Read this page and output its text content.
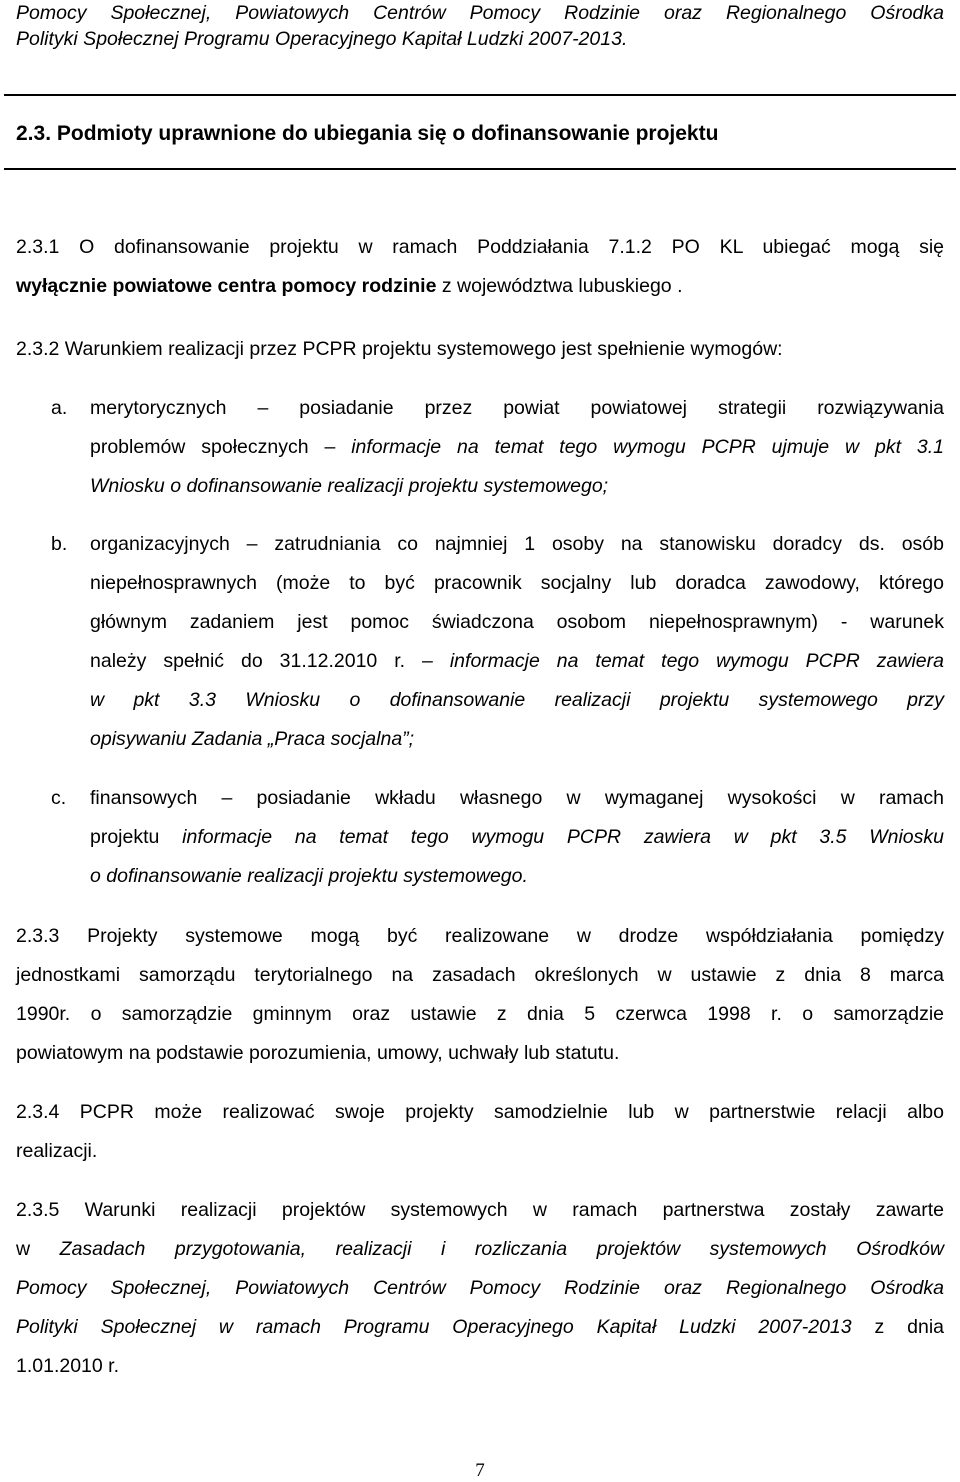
Pomocy Społecznej, Powiatowych Centrów Pomocy Rodzinie oraz Regionalnego Ośrodka
Polityki Społecznej Programu Operacyjnego Kapitał Ludzki 2007-2013.
2.3. Podmioty uprawnione do ubiegania się o dofinansowanie projektu
2.3.1 O dofinansowanie projektu w ramach Poddziałania 7.1.2 PO KL ubiegać mogą się
wyłącznie powiatowe centra pomocy rodzinie z województwa lubuskiego .
2.3.2 Warunkiem realizacji przez PCPR projektu systemowego jest spełnienie wymogów:
a. merytorycznych – posiadanie przez powiat powiatowej strategii rozwiązywania
problemów społecznych – informacje na temat tego wymogu PCPR ujmuje w pkt 3.1
Wniosku o dofinansowanie realizacji projektu systemowego;
b. organizacyjnych – zatrudniania co najmniej 1 osoby na stanowisku doradcy ds. osób
niepełnosprawnych (może to być pracownik socjalny lub doradca zawodowy, którego
głównym zadaniem jest pomoc świadczona osobom niepełnosprawnym) - warunek
należy spełnić do 31.12.2010 r. – informacje na temat tego wymogu PCPR zawiera
w pkt 3.3 Wniosku o dofinansowanie realizacji projektu systemowego przy
opisywaniu Zadania „Praca socjalna”;
c. finansowych – posiadanie wkładu własnego w wymaganej wysokości w ramach
projektu informacje na temat tego wymogu PCPR zawiera w pkt 3.5 Wniosku
o dofinansowanie realizacji projektu systemowego.
2.3.3 Projekty systemowe mogą być realizowane w drodze współdziałania pomiędzy
jednostkami samorządu terytorialnego na zasadach określonych w ustawie z dnia 8 marca
1990r. o samorządzie gminnym oraz ustawie z dnia 5 czerwca 1998 r. o samorządzie
powiatowym na podstawie porozumienia, umowy, uchwały lub statutu.
2.3.4 PCPR może realizować swoje projekty samodzielnie lub w partnerstwie relacji albo
realizacji.
2.3.5 Warunki realizacji projektów systemowych w ramach partnerstwa zostały zawarte
w Zasadach przygotowania, realizacji i rozliczania projektów systemowych Ośrodków
Pomocy Społecznej, Powiatowych Centrów Pomocy Rodzinie oraz Regionalnego Ośrodka
Polityki Społecznej w ramach Programu Operacyjnego Kapitał Ludzki 2007-2013 z dnia
1.01.2010 r.
7
